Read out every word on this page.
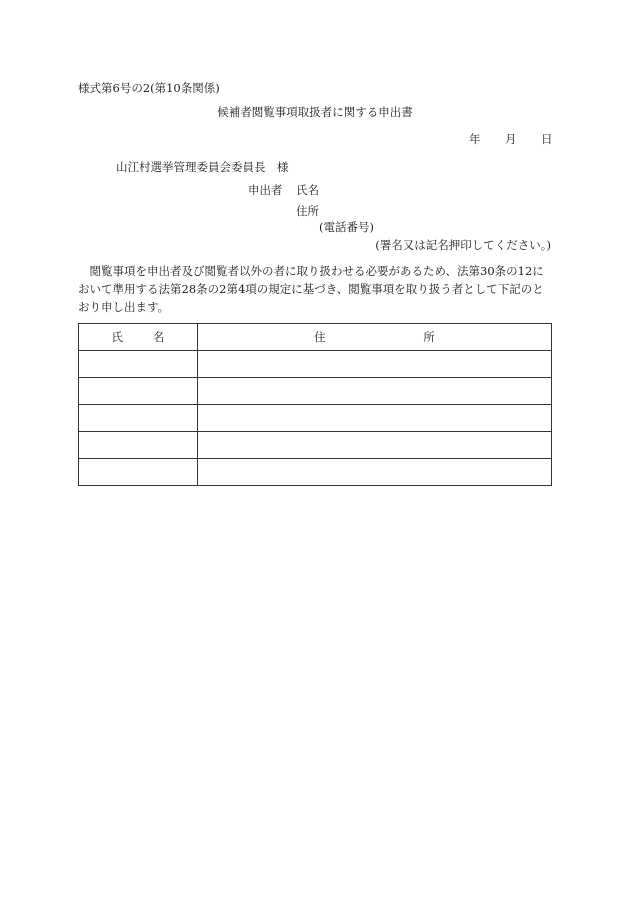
様式第6号の2(第10条関係)
候補者閲覧事項取扱者に関する申出書
年 月 日
山江村選挙管理委員会委員長　様
申出者 氏名
住所
(電話番号)
(署名又は記名押印してください。)
閲覧事項を申出者及び閲覧者以外の者に取り扱わせる必要があるため、法第30条の12において準用する法第28条の2第4項の規定に基づき、閲覧事項を取り扱う者として下記のとおり申し出ます。
氏名	住所
